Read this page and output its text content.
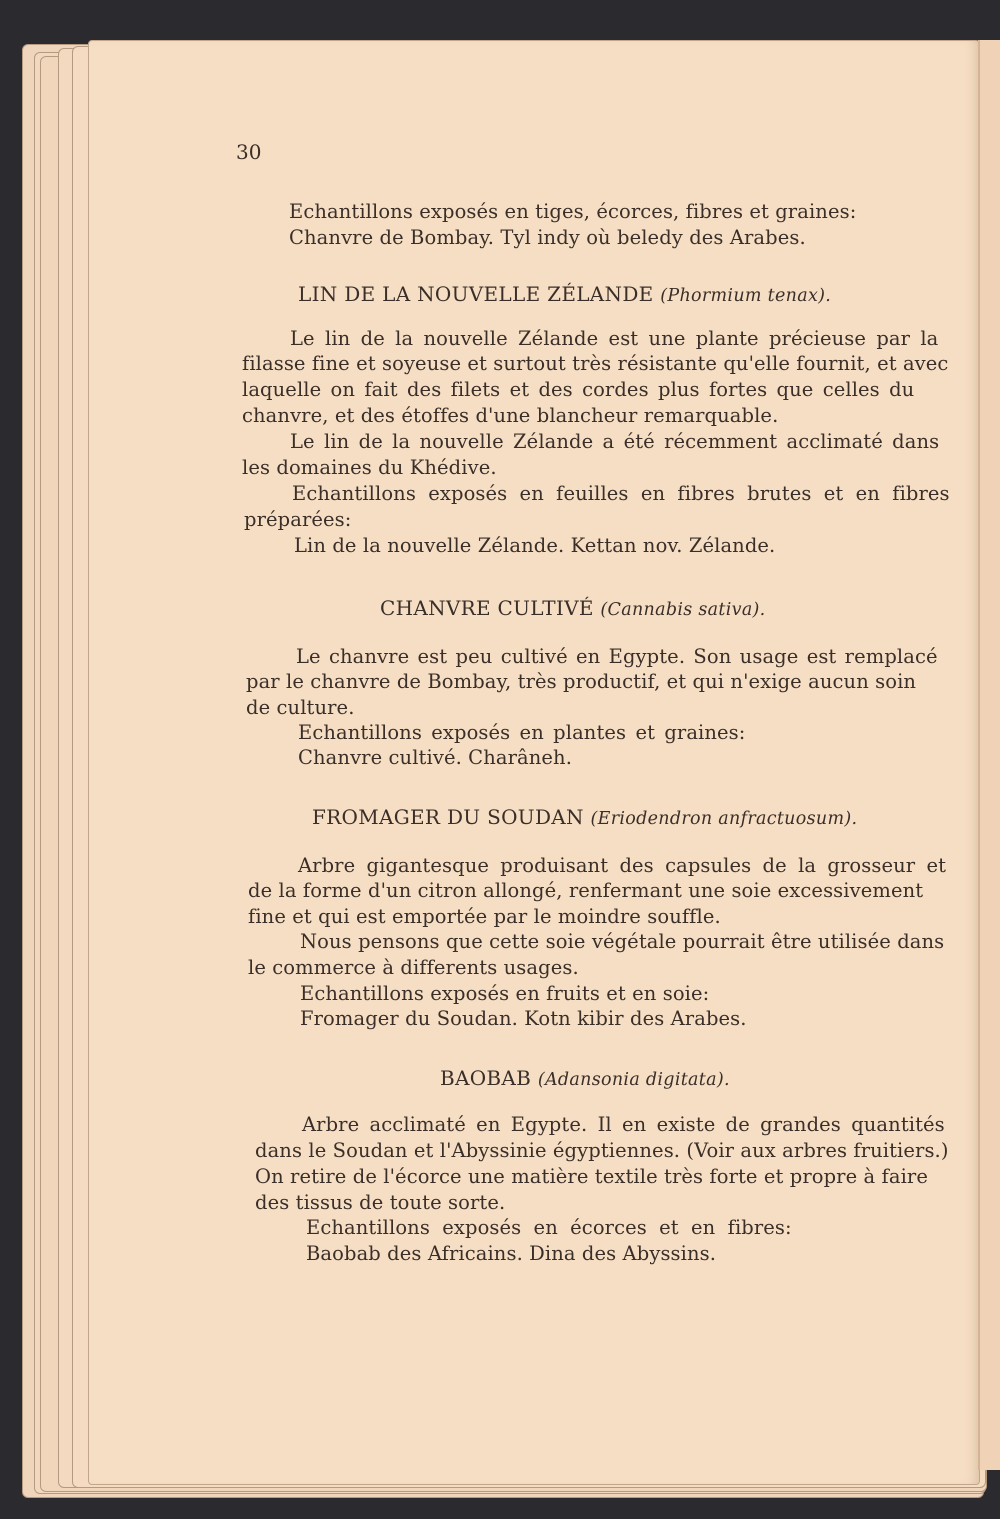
30
Echantillons exposés en tiges, écorces, fibres et graines:
Chanvre de Bombay. Tyl indy où beledy des Arabes.
LIN DE LA NOUVELLE ZÉLANDE (Phormium tenax).
Le lin de la nouvelle Zélande est une plante précieuse par la
filasse fine et soyeuse et surtout très résistante qu'elle fournit, et avec
laquelle on fait des filets et des cordes plus fortes que celles du
chanvre, et des étoffes d'une blancheur remarquable.
Le lin de la nouvelle Zélande a été récemment acclimaté dans
les domaines du Khédive.
Echantillons exposés en feuilles en fibres brutes et en fibres
préparées:
Lin de la nouvelle Zélande. Kettan nov. Zélande.
CHANVRE CULTIVÉ (Cannabis sativa).
Le chanvre est peu cultivé en Egypte. Son usage est remplacé
par le chanvre de Bombay, très productif, et qui n'exige aucun soin
de culture.
Echantillons exposés en plantes et graines:
Chanvre cultivé. Charâneh.
FROMAGER DU SOUDAN (Eriodendron anfractuosum).
Arbre gigantesque produisant des capsules de la grosseur et
de la forme d'un citron allongé, renfermant une soie excessivement
fine et qui est emportée par le moindre souffle.
Nous pensons que cette soie végétale pourrait être utilisée dans
le commerce à differents usages.
Echantillons exposés en fruits et en soie:
Fromager du Soudan. Kotn kibir des Arabes.
BAOBAB (Adansonia digitata).
Arbre acclimaté en Egypte. Il en existe de grandes quantités
dans le Soudan et l'Abyssinie égyptiennes. (Voir aux arbres fruitiers.)
On retire de l'écorce une matière textile très forte et propre à faire
des tissus de toute sorte.
Echantillons exposés en écorces et en fibres:
Baobab des Africains. Dina des Abyssins.
